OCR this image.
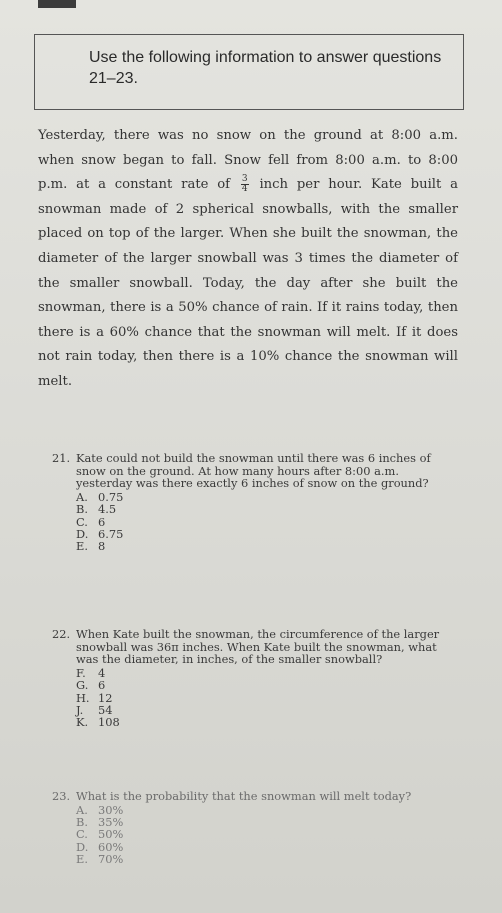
Use the following information to answer questions 21–23.

Yesterday, there was no snow on the ground at 8:00 a.m. when snow began to fall. Snow fell from 8:00 a.m. to 8:00 p.m. at a constant rate of $\frac{3}{4}$ inch per hour. Kate built a snowman made of 2 spherical snowballs, with the smaller placed on top of the larger. When she built the snowman, the diameter of the larger snowball was 3 times the diameter of the smaller snowball. Today, the day after she built the snowman, there is a 50% chance of rain. If it rains today, then there is a 60% chance that the snowman will melt. If it does not rain today, then there is a 10% chance the snowman will melt.

21. Kate could not build the snowman until there was 6 inches of snow on the ground. At how many hours after 8:00 a.m. yesterday was there exactly 6 inches of snow on the ground?
A. 0.75
B. 4.5
C. 6
D. 6.75
E. 8
22. When Kate built the snowman, the circumference of the larger snowball was 36π inches. When Kate built the snowman, what was the diameter, in inches, of the smaller snowball?
F.	4
G. 6
H. 12
J.	54
K. 108
23. What is the probability that the snowman will melt today?
A. 30%
B. 35%
C. 50%
D. 60%
E. 70%
